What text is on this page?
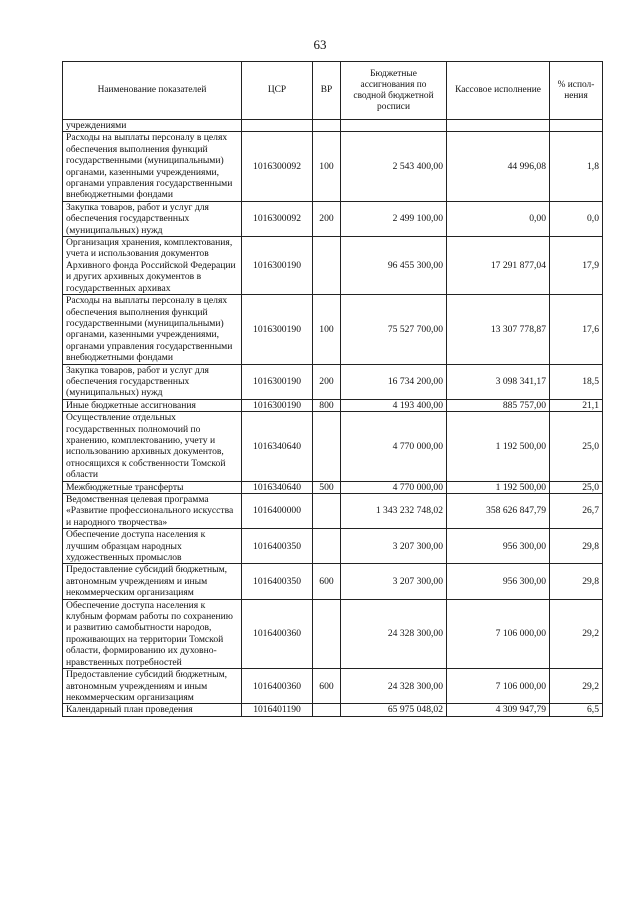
63
Наименование показателей	ЦСР	ВР	Бюджетные ассигнования по сводной бюджетной росписи	Кассовое исполнение	% испол-нения
учреждениями					
Расходы на выплаты персоналу в целях обеспечения выполнения функций государственными (муниципальными) органами, казенными учреждениями, органами управления государственными внебюджетными фондами	1016300092	100	2 543 400,00	44 996,08	1,8
Закупка товаров, работ и услуг для обеспечения государственных (муниципальных) нужд	1016300092	200	2 499 100,00	0,00	0,0
Организация хранения, комплектования, учета и использования документов Архивного фонда Российской Федерации и других архивных документов в государственных архивах	1016300190		96 455 300,00	17 291 877,04	17,9
Расходы на выплаты персоналу в целях обеспечения выполнения функций государственными (муниципальными) органами, казенными учреждениями, органами управления государственными внебюджетными фондами	1016300190	100	75 527 700,00	13 307 778,87	17,6
Закупка товаров, работ и услуг для обеспечения государственных (муниципальных) нужд	1016300190	200	16 734 200,00	3 098 341,17	18,5
Иные бюджетные ассигнования	1016300190	800	4 193 400,00	885 757,00	21,1
Осуществление отдельных государственных полномочий по хранению, комплектованию, учету и использованию архивных документов, относящихся к собственности Томской области	1016340640		4 770 000,00	1 192 500,00	25,0
Межбюджетные трансферты	1016340640	500	4 770 000,00	1 192 500,00	25,0
Ведомственная целевая программа «Развитие профессионального искусства и народного творчества»	1016400000		1 343 232 748,02	358 626 847,79	26,7
Обеспечение доступа населения к лучшим образцам народных художественных промыслов	1016400350		3 207 300,00	956 300,00	29,8
Предоставление субсидий бюджетным, автономным учреждениям и иным некоммерческим организациям	1016400350	600	3 207 300,00	956 300,00	29,8
Обеспечение доступа населения к клубным формам работы по сохранению и развитию самобытности народов, проживающих на территории Томской области, формированию их духовно-нравственных потребностей	1016400360		24 328 300,00	7 106 000,00	29,2
Предоставление субсидий бюджетным, автономным учреждениям и иным некоммерческим организациям	1016400360	600	24 328 300,00	7 106 000,00	29,2
Календарный план проведения	1016401190		65 975 048,02	4 309 947,79	6,5
